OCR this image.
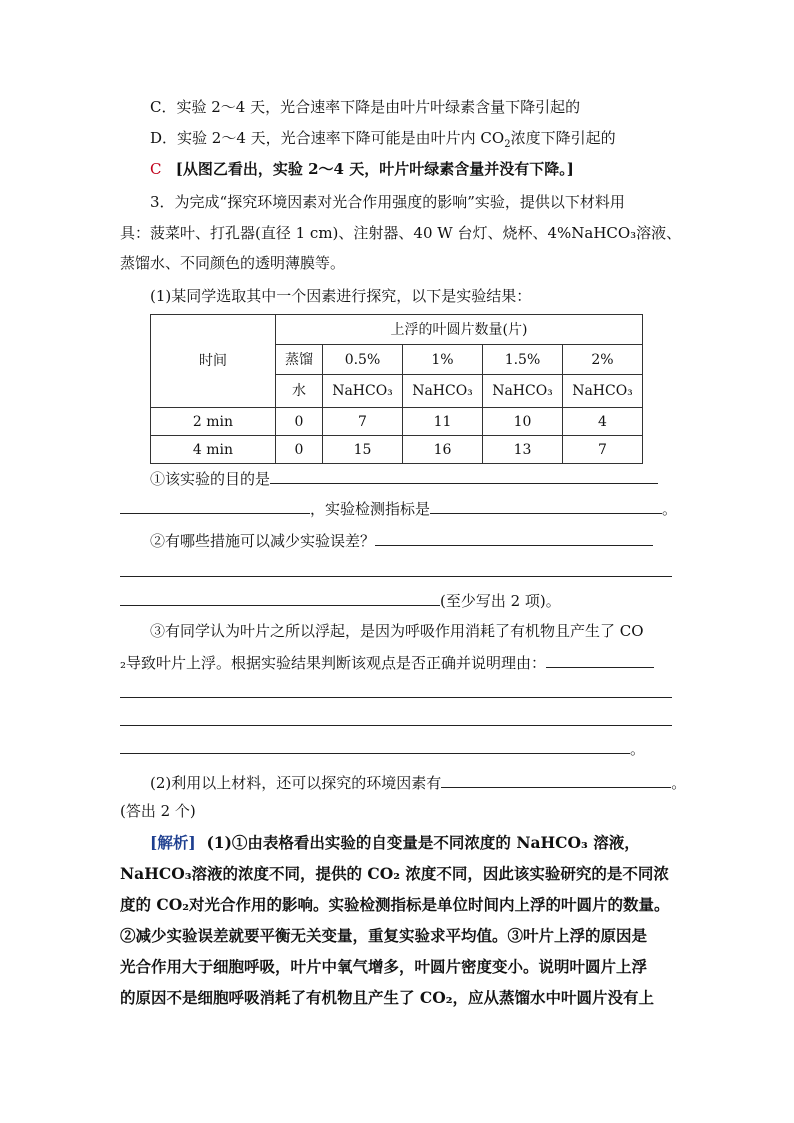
C．实验 2～4 天，光合速率下降是由叶片叶绿素含量下降引起的
D．实验 2～4 天，光合速率下降可能是由叶片内 $CO_2$浓度下降引起的
C [从图乙看出，实验 2～4 天，叶片叶绿素含量并没有下降。]
3．为完成“探究环境因素对光合作用强度的影响”实验，提供以下材料用
具：菠菜叶、打孔器(直径 1 cm)、注射器、40 W 台灯、烧杯、4%NaHCO₃溶液、
蒸馏水、不同颜色的透明薄膜等。
(1)某同学选取其中一个因素进行探究，以下是实验结果：
时间	上浮的叶圆片数量(片)				
	蒸馏	0.5%	1%	1.5%	2%
	水	NaHCO₃	NaHCO₃	NaHCO₃	NaHCO₃
2 min	0	7	11	10	4
4 min	0	15	16	13	7
①该实验的目的是
，实验检测指标是	。
②有哪些措施可以减少实验误差？
(至少写出 2 项)。
③有同学认为叶片之所以浮起，是因为呼吸作用消耗了有机物且产生了 CO
₂导致叶片上浮。根据实验结果判断该观点是否正确并说明理由：
。
(2)利用以上材料，还可以探究的环境因素有	。
(答出 2 个)
[解析] (1)①由表格看出实验的自变量是不同浓度的 NaHCO₃ 溶液，
NaHCO₃溶液的浓度不同，提供的 CO₂ 浓度不同，因此该实验研究的是不同浓
度的 CO₂对光合作用的影响。实验检测指标是单位时间内上浮的叶圆片的数量。
②减少实验误差就要平衡无关变量，重复实验求平均值。③叶片上浮的原因是
光合作用大于细胞呼吸，叶片中氧气增多，叶圆片密度变小。说明叶圆片上浮
的原因不是细胞呼吸消耗了有机物且产生了 CO₂，应从蒸馏水中叶圆片没有上
